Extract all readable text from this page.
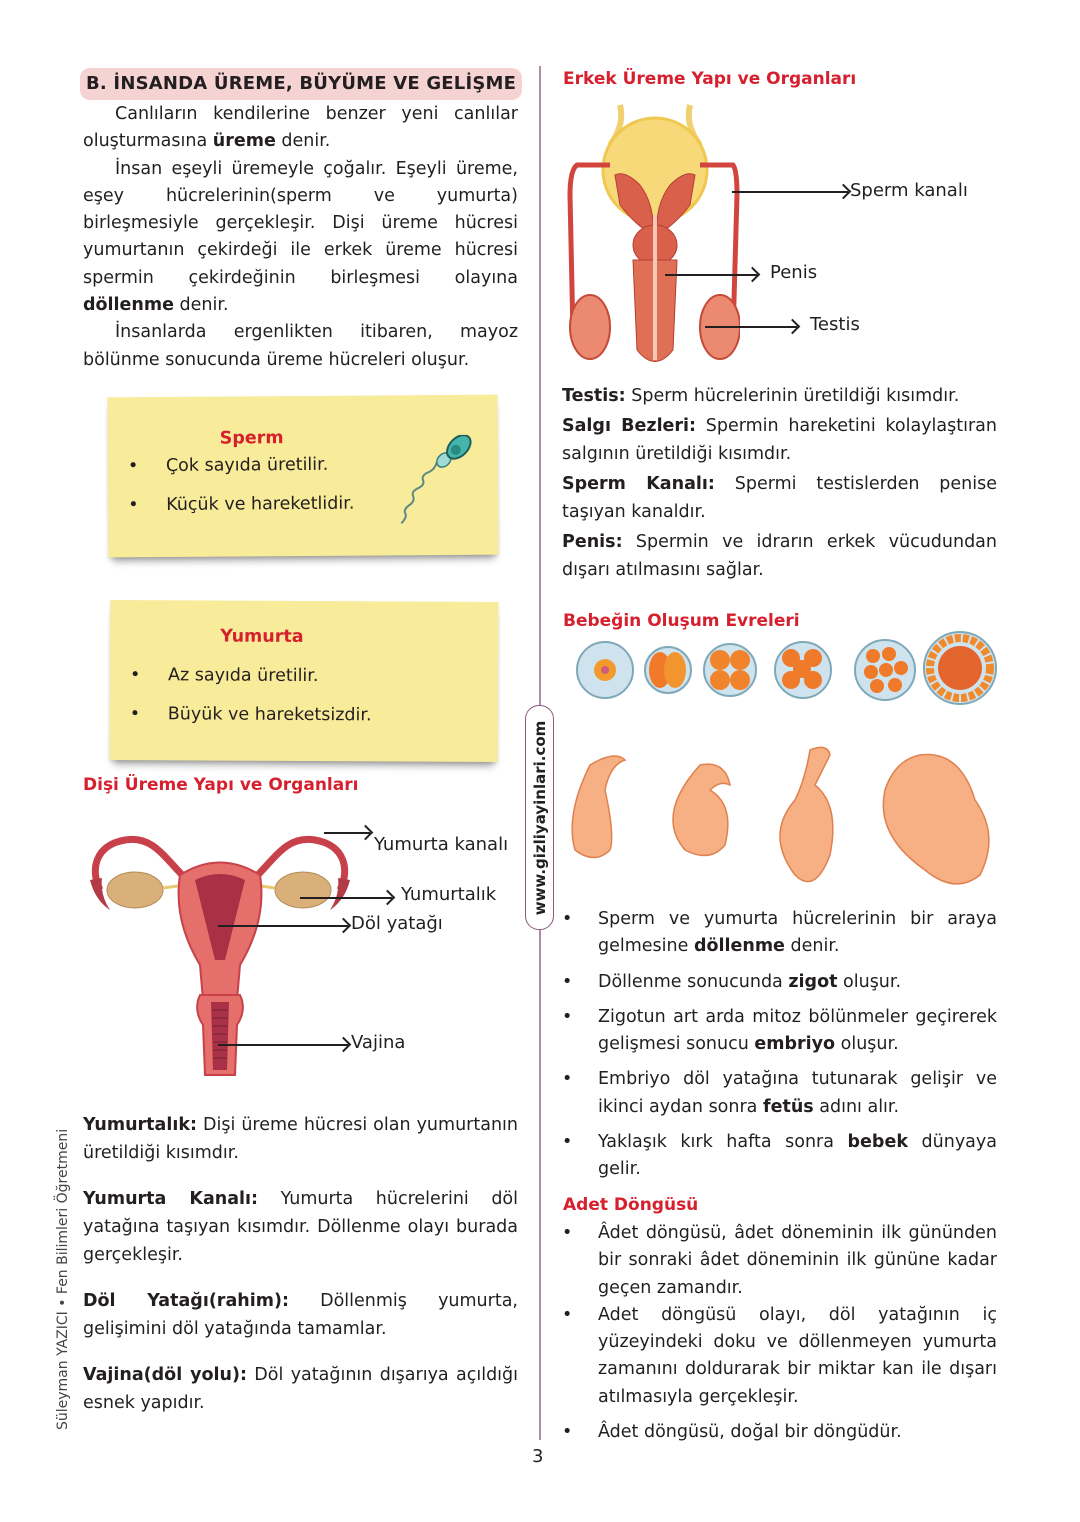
B. İNSANDA ÜREME, BÜYÜME VE GELİŞME

Canlıların kendilerine benzer yeni canlılar oluşturmasına üreme denir.

İnsan eşeyli üremeyle çoğalır. Eşeyli üreme, eşey hücrelerinin(sperm ve yumurta) birleşmesiyle gerçekleşir. Dişi üreme hücresi yumurtanın çekirdeği ile erkek üreme hücresi spermin çekirdeğinin birleşmesi olayına döllenme denir.

İnsanlarda ergenlikten itibaren, mayoz bölünme sonucunda üreme hücreleri oluşur.

Sperm
• Çok sayıda üretilir.
• Küçük ve hareketlidir.
Yumurta
• Az sayıda üretilir.
• Büyük ve hareketsizdir.
Dişi Üreme Yapı ve Organları
Yumurta kanalı
Yumurtalık
Döl yatağı
Vajina

Yumurtalık: Dişi üreme hücresi olan yumurtanın üretildiği kısımdır.

Yumurta Kanalı: Yumurta hücrelerini döl yatağına taşıyan kısımdır. Döllenme olayı burada gerçekleşir.

Döl Yatağı(rahim): Döllenmiş yumurta, gelişimini döl yatağında tamamlar.

Vajina(döl yolu): Döl yatağının dışarıya açıldığı esnek yapıdır.

Süleyman YAZICI • Fen Bilimleri Öğretmeni
www.gizliyayinlari.com
3
Erkek Üreme Yapı ve Organları
Sperm kanalı
Penis
Testis

Testis: Sperm hücrelerinin üretildiği kısımdır.

Salgı Bezleri: Spermin hareketini kolaylaştıran salgının üretildiği kısımdır.

Sperm Kanalı: Spermi testislerden penise taşıyan kanaldır.

Penis: Spermin ve idrarın erkek vücudundan dışarı atılmasını sağlar.

Bebeğin Oluşum Evreleri
• Sperm ve yumurta hücrelerinin bir araya gelmesine döllenme denir.
• Döllenme sonucunda zigot oluşur.
• Zigotun art arda mitoz bölünmeler geçirerek gelişmesi sonucu embriyo oluşur.
• Embriyo döl yatağına tutunarak gelişir ve ikinci aydan sonra fetüs adını alır.
• Yaklaşık kırk hafta sonra bebek dünyaya gelir.
Adet Döngüsü
• Âdet döngüsü, âdet döneminin ilk gününden bir sonraki âdet döneminin ilk gününe kadar geçen zamandır.
• Adet döngüsü olayı, döl yatağının iç yüzeyindeki doku ve döllenmeyen yumurta zamanını doldurarak bir miktar kan ile dışarı atılmasıyla gerçekleşir.
• Âdet döngüsü, doğal bir döngüdür.
